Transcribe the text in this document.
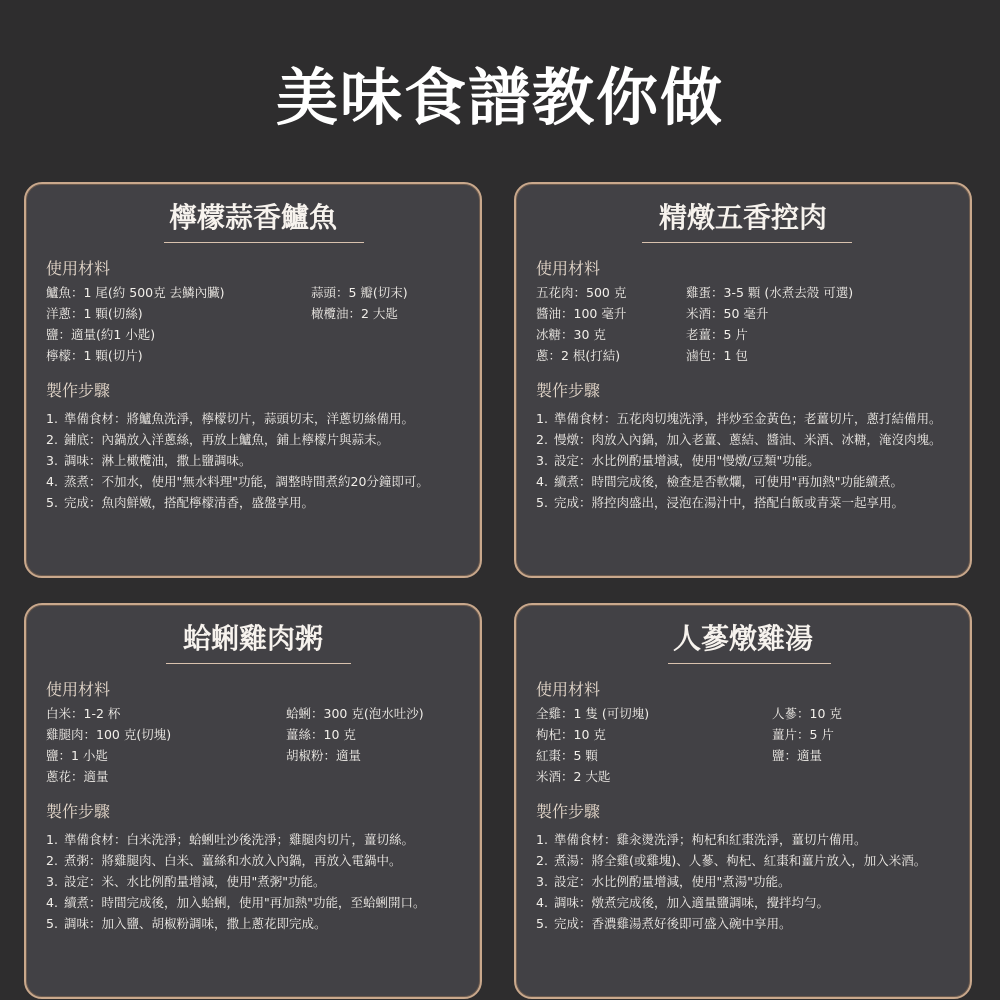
美味食譜教你做
檸檬蒜香鱸魚
使用材料
鱸魚：1 尾(約 500克 去鱗內臟)
洋蔥：1 顆(切絲)
鹽：適量(約1 小匙)
檸檬：1 顆(切片)
蒜頭：5 瓣(切末)
橄欖油：2 大匙
製作步驟
1. 準備食材：將鱸魚洗淨，檸檬切片，蒜頭切末，洋蔥切絲備用。
2. 鋪底：內鍋放入洋蔥絲，再放上鱸魚，鋪上檸檬片與蒜末。
3. 調味：淋上橄欖油，撒上鹽調味。
4. 蒸煮：不加水，使用"無水料理"功能，調整時間煮約20分鐘即可。
5. 完成：魚肉鮮嫩，搭配檸檬清香，盛盤享用。
精燉五香控肉
使用材料
五花肉：500 克
醬油：100 毫升
冰糖：30 克
蔥：2 根(打結)
雞蛋：3-5 顆 (水煮去殼 可選)
米酒：50 毫升
老薑：5 片
滷包：1 包
製作步驟
1. 準備食材：五花肉切塊洗淨，拌炒至金黃色；老薑切片，蔥打結備用。
2. 慢燉：肉放入內鍋，加入老薑、蔥結、醬油、米酒、冰糖，淹沒肉塊。
3. 設定：水比例酌量增減，使用"慢燉/豆類"功能。
4. 續煮：時間完成後，檢查是否軟爛，可使用"再加熱"功能續煮。
5. 完成：將控肉盛出，浸泡在湯汁中，搭配白飯或青菜一起享用。
蛤蜊雞肉粥
使用材料
白米：1-2 杯
雞腿肉：100 克(切塊)
鹽：1 小匙
蔥花：適量
蛤蜊：300 克(泡水吐沙)
薑絲：10 克
胡椒粉：適量
製作步驟
1. 準備食材：白米洗淨；蛤蜊吐沙後洗淨；雞腿肉切片，薑切絲。
2. 煮粥：將雞腿肉、白米、薑絲和水放入內鍋，再放入電鍋中。
3. 設定：米、水比例酌量增減，使用"煮粥"功能。
4. 續煮：時間完成後，加入蛤蜊，使用"再加熱"功能，至蛤蜊開口。
5. 調味：加入鹽、胡椒粉調味，撒上蔥花即完成。
人蔘燉雞湯
使用材料
全雞：1 隻 (可切塊)
枸杞：10 克
紅棗：5 顆
米酒：2 大匙
人蔘：10 克
薑片：5 片
鹽：適量
製作步驟
1. 準備食材：雞汆燙洗淨；枸杞和紅棗洗淨，薑切片備用。
2. 煮湯：將全雞(或雞塊)、人蔘、枸杞、紅棗和薑片放入，加入米酒。
3. 設定：水比例酌量增減，使用"煮湯"功能。
4. 調味：燉煮完成後，加入適量鹽調味，攪拌均勻。
5. 完成：香濃雞湯煮好後即可盛入碗中享用。
